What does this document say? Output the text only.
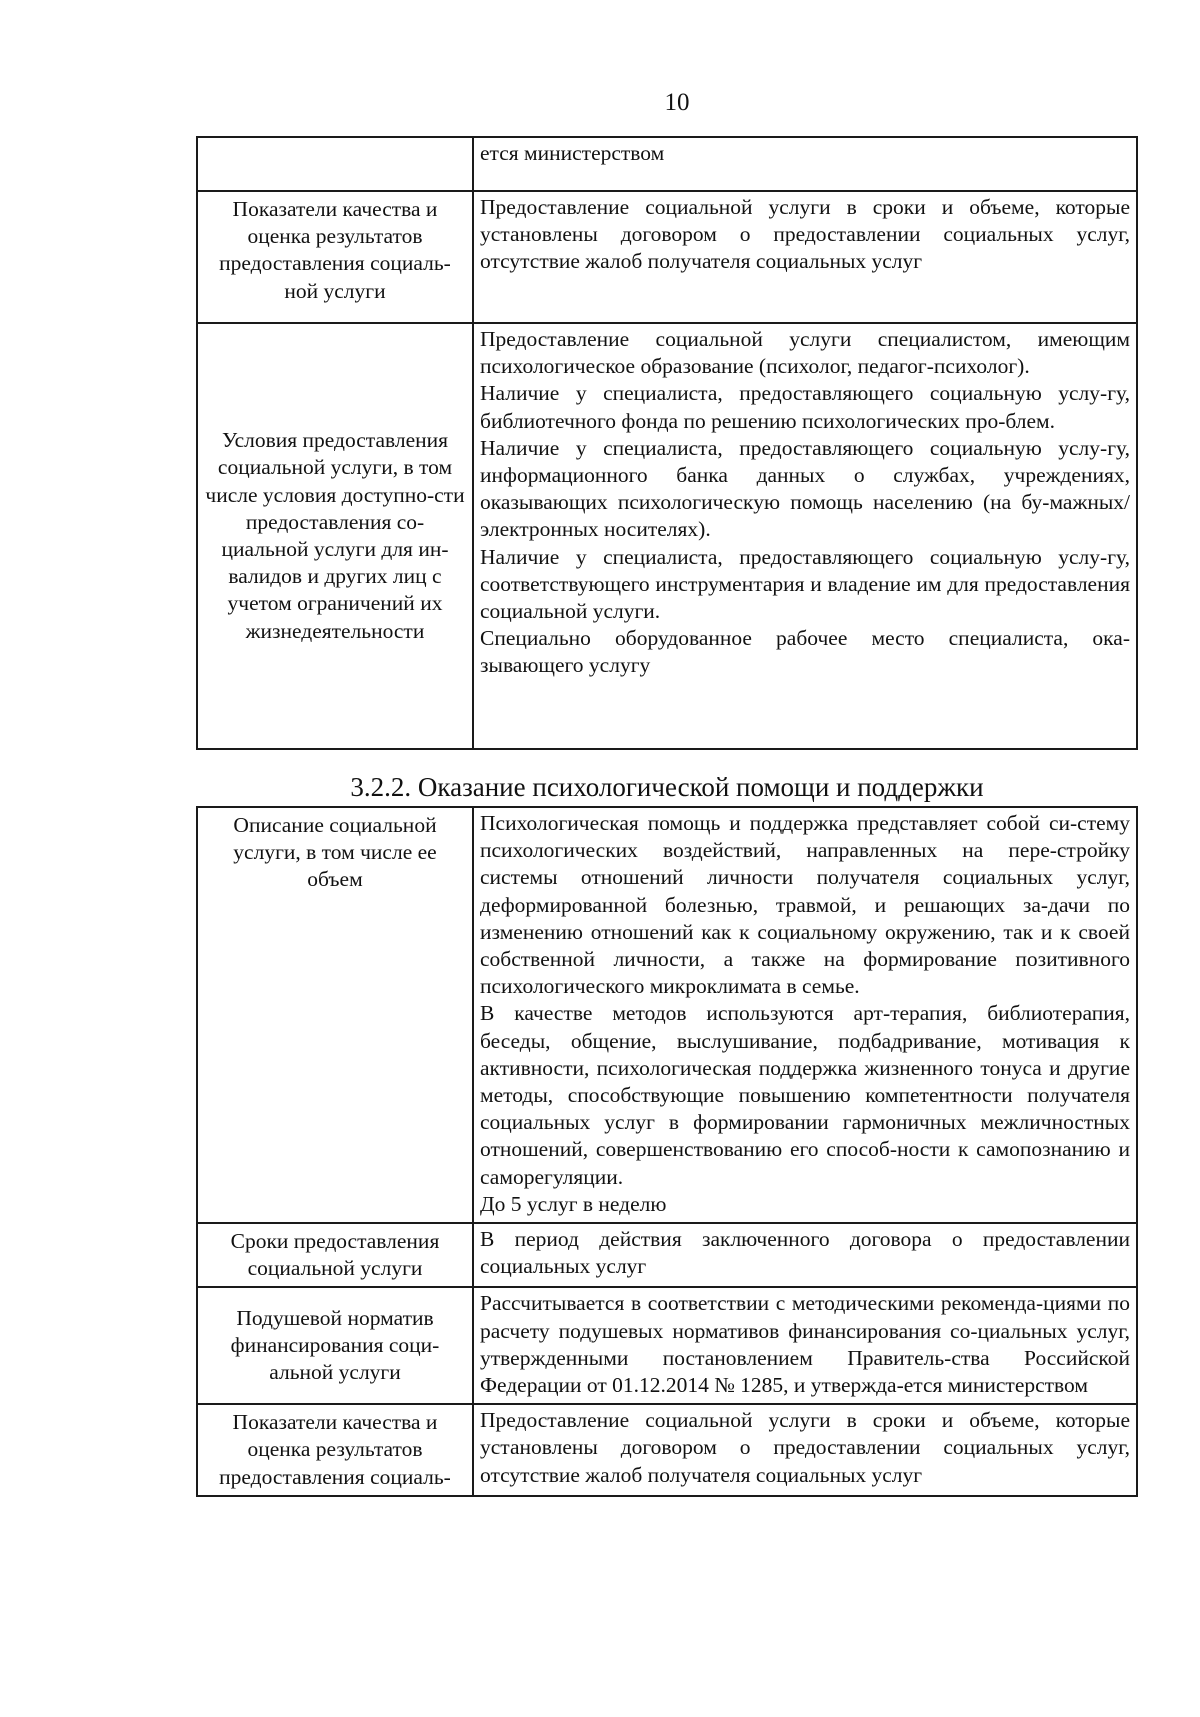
10
	ется министерством
Показатели качества и оценка результатов предоставления социаль-ной услуги	Предоставление социальной услуги в сроки и объеме, которые установлены договором о предоставлении социальных услуг, отсутствие жалоб получателя социальных услуг
Условия предоставления социальной услуги, в том числе условия доступно-сти предоставления со-циальной услуги для ин-валидов и других лиц с учетом ограничений их жизнедеятельности	Предоставление социальной услуги специалистом, имеющим психологическое образование (психолог, педагог-психолог).
Наличие у специалиста, предоставляющего социальную услу-гу, библиотечного фонда по решению психологических про-блем.
Наличие у специалиста, предоставляющего социальную услу-гу, информационного банка данных о службах, учреждениях, оказывающих психологическую помощь населению (на бу-мажных/электронных носителях).
Наличие у специалиста, предоставляющего социальную услу-гу, соответствующего инструментария и владение им для предоставления социальной услуги.
Специально оборудованное рабочее место специалиста, ока-зывающего услугу
3.2.2. Оказание психологической помощи и поддержки
Описание социальной услуги, в том числе ее объем	Психологическая помощь и поддержка представляет собой си-стему психологических воздействий, направленных на пере-стройку системы отношений личности получателя социальных услуг, деформированной болезнью, травмой, и решающих за-дачи по изменению отношений как к социальному окружению, так и к своей собственной личности, а также на формирование позитивного психологического микроклимата в семье.
В качестве методов используются арт-терапия, библиотерапия, беседы, общение, выслушивание, подбадривание, мотивация к активности, психологическая поддержка жизненного тонуса и другие методы, способствующие повышению компетентности получателя социальных услуг в формировании гармоничных межличностных отношений, совершенствованию его способ-ности к самопознанию и саморегуляции.
До 5 услуг в неделю

Сроки предоставления социальной услуги	В период действия заключенного договора о предоставлении социальных услуг
Подушевой норматив финансирования соци-альной услуги	Рассчитывается в соответствии с методическими рекоменда-циями по расчету подушевых нормативов финансирования со-циальных услуг, утвержденными постановлением Правитель-ства Российской Федерации от 01.12.2014 № 1285, и утвержда-ется министерством
Показатели качества и оценка результатов предоставления социаль-	Предоставление социальной услуги в сроки и объеме, которые установлены договором о предоставлении социальных услуг, отсутствие жалоб получателя социальных услуг
